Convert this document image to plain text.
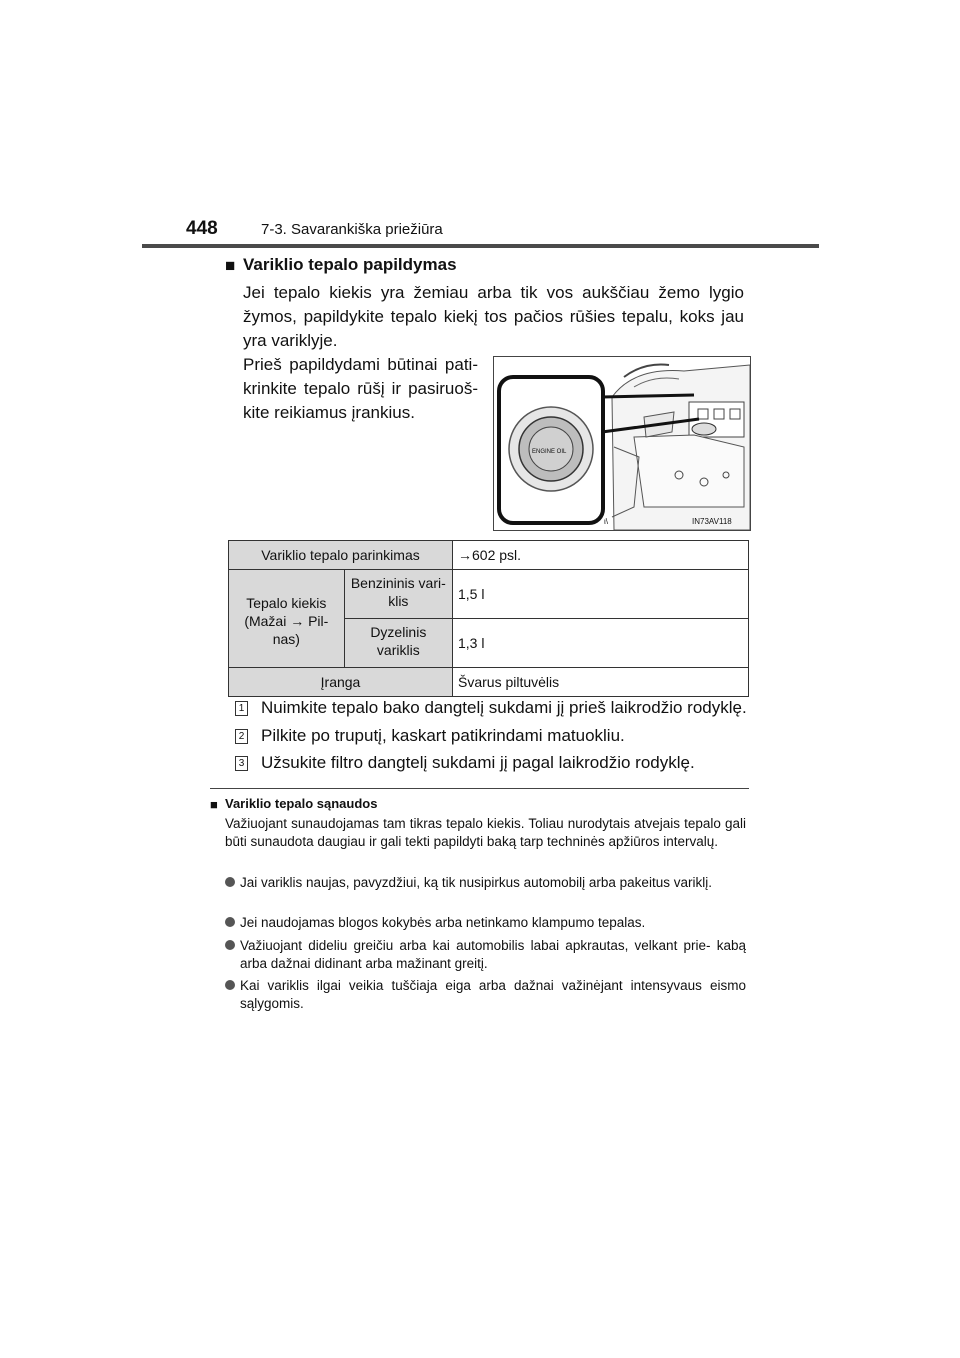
448	7-3. Savarankiška priežiūra
■ Variklio tepalo papildymas
Jei tepalo kiekis yra žemiau arba tik vos aukščiau žemo lygio žymos, papildykite tepalo kiekį tos pačios rūšies tepalu, koks jau yra variklyje.
Prieš papildydami būtinai pati- krinkite tepalo rūšį ir pasiruoš- kite reikiamus įrankius.
ENGINE OIL
IN73AV118
ι\
Variklio tepalo parinkimas		→602 psl.
Tepalo kiekis (Mažai → Pil- nas)	Benzininis vari- klis	1,5 l
	Dyzelinis variklis	1,3 l
Įranga		Švarus piltuvėlis
1 Nuimkite tepalo bako dangtelį sukdami jį prieš laikrodžio rodyklę.
2 Pilkite po truputį, kaskart patikrindami matuokliu.
3 Užsukite filtro dangtelį sukdami jį pagal laikrodžio rodyklę.
■ Variklio tepalo sąnaudos
Važiuojant sunaudojamas tam tikras tepalo kiekis. Toliau nurodytais atvejais tepalo gali būti sunaudota daugiau ir gali tekti papildyti baką tarp techninės apžiūros intervalų.
Jai variklis naujas, pavyzdžiui, ką tik nusipirkus automobilį arba pakeitus variklį.
Jei naudojamas blogos kokybės arba netinkamo klampumo tepalas.
Važiuojant dideliu greičiu arba kai automobilis labai apkrautas, velkant prie- kabą arba dažnai didinant arba mažinant greitį.
Kai variklis ilgai veikia tuščiaja eiga arba dažnai važinėjant intensyvaus eismo sąlygomis.
